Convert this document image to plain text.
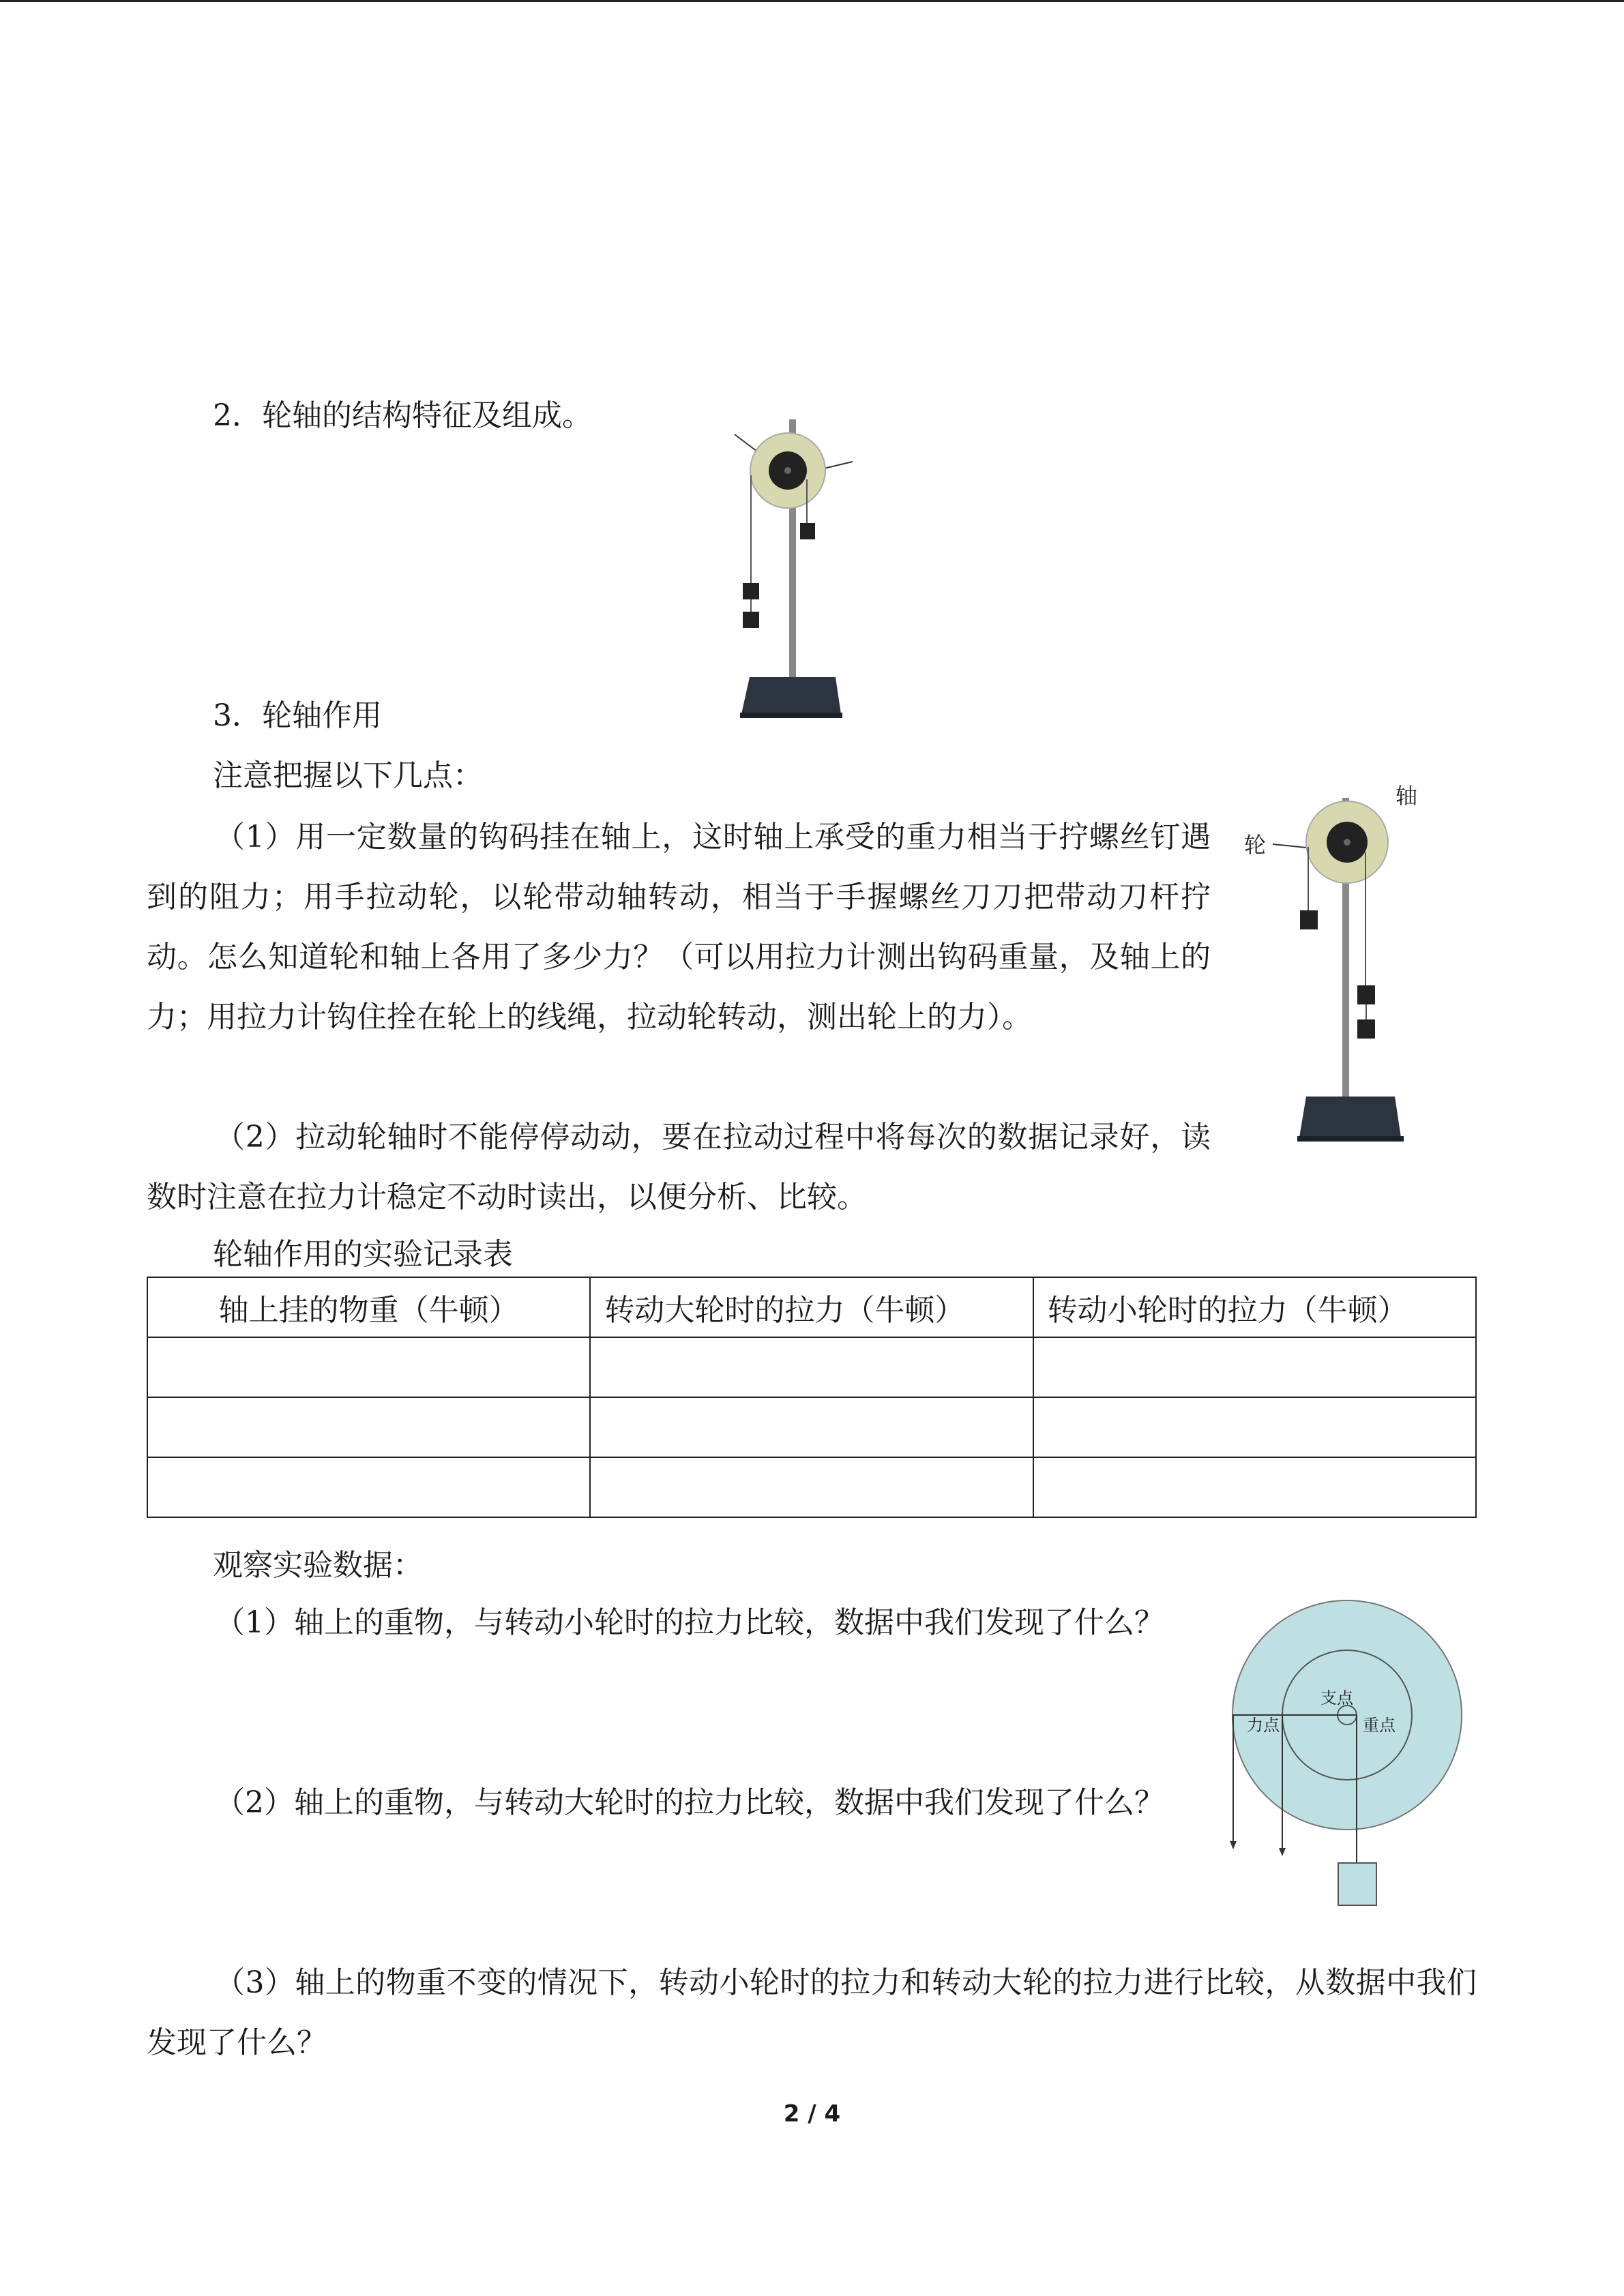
2．轮轴的结构特征及组成。
3．轮轴作用
注意把握以下几点：
（1）用一定数量的钩码挂在轴上，这时轴上承受的重力相当于拧螺丝钉遇到的阻力；用手拉动轮，以轮带动轴转动，相当于手握螺丝刀刀把带动刀杆拧动。怎么知道轮和轴上各用了多少力？（可以用拉力计测出钩码重量，及轴上的力；用拉力计钩住拴在轮上的线绳，拉动轮转动，测出轮上的力）。
（2）拉动轮轴时不能停停动动，要在拉动过程中将每次的数据记录好，读数时注意在拉力计稳定不动时读出，以便分析、比较。
轴
轮
轮轴作用的实验记录表
轴上挂的物重（牛顿）	转动大轮时的拉力（牛顿）	转动小轮时的拉力（牛顿）

观察实验数据：
（1）轴上的重物，与转动小轮时的拉力比较，数据中我们发现了什么？
（2）轴上的重物，与转动大轮时的拉力比较，数据中我们发现了什么？
（3）轴上的物重不变的情况下，转动小轮时的拉力和转动大轮的拉力进行比较，从数据中我们发现了什么？
支点
力点	重点
2 / 4
